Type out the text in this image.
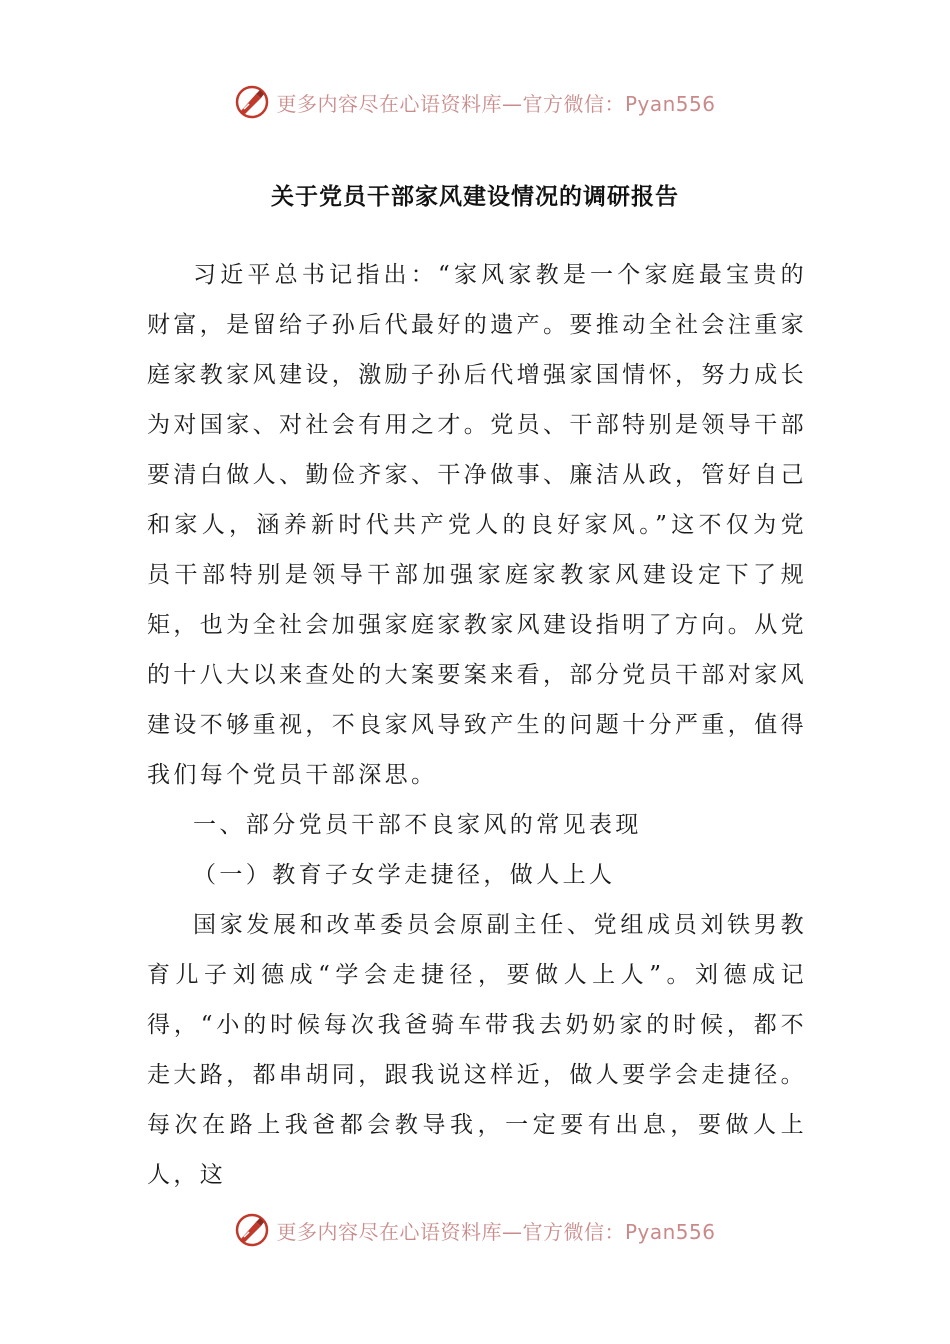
更多内容尽在心语资料库—官方微信：Pyan556
关于党员干部家风建设情况的调研报告

习近平总书记指出：“家风家教是一个家庭最宝贵的财富，是留给子孙后代最好的遗产。要推动全社会注重家庭家教家风建设，激励子孙后代增强家国情怀，努力成长为对国家、对社会有用之才。党员、干部特别是领导干部要清白做人、勤俭齐家、干净做事、廉洁从政，管好自己和家人，涵养新时代共产党人的良好家风。”这不仅为党员干部特别是领导干部加强家庭家教家风建设定下了规矩，也为全社会加强家庭家教家风建设指明了方向。从党的十八大以来查处的大案要案来看，部分党员干部对家风建设不够重视，不良家风导致产生的问题十分严重，值得我们每个党员干部深思。

一、部分党员干部不良家风的常见表现

（一）教育子女学走捷径，做人上人

国家发展和改革委员会原副主任、党组成员刘铁男教育儿子刘德成“学会走捷径，要做人上人”。刘德成记得，“小的时候每次我爸骑车带我去奶奶家的时候，都不走大路，都串胡同，跟我说这样近，做人要学会走捷径。每次在路上我爸都会教导我，一定要有出息，要做人上人，这

更多内容尽在心语资料库—官方微信：Pyan556
